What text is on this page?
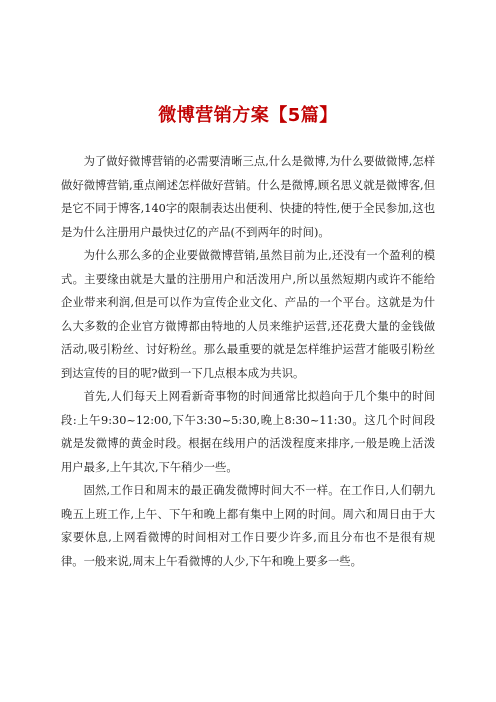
微博营销方案【5篇】

为了做好微博营销的必需要清晰三点,什么是微博,为什么要做微博,怎样做好微博营销,重点阐述怎样做好营销。什么是微博,顾名思义就是微博客,但是它不同于博客,140字的限制表达出便利、快捷的特性,便于全民参加,这也是为什么注册用户最快过亿的产品(不到两年的时间)。

为什么那么多的企业要做微博营销,虽然目前为止,还没有一个盈利的模式。主要缘由就是大量的注册用户和活泼用户,所以虽然短期内或许不能给企业带来利润,但是可以作为宣传企业文化、产品的一个平台。这就是为什么大多数的企业官方微博都由特地的人员来维护运营,还花费大量的金钱做活动,吸引粉丝、讨好粉丝。那么最重要的就是怎样维护运营才能吸引粉丝到达宣传的目的呢?做到一下几点根本成为共识。

首先,人们每天上网看新奇事物的时间通常比拟趋向于几个集中的时间段:上午9:30~12:00,下午3:30~5:30,晚上8:30~11:30。这几个时间段就是发微博的黄金时段。根据在线用户的活泼程度来排序,一般是晚上活泼用户最多,上午其次,下午稍少一些。

固然,工作日和周末的最正确发微博时间大不一样。在工作日,人们朝九晚五上班工作,上午、下午和晚上都有集中上网的时间。周六和周日由于大家要休息,上网看微博的时间相对工作日要少许多,而且分布也不是很有规律。一般来说,周末上午看微博的人少,下午和晚上要多一些。
